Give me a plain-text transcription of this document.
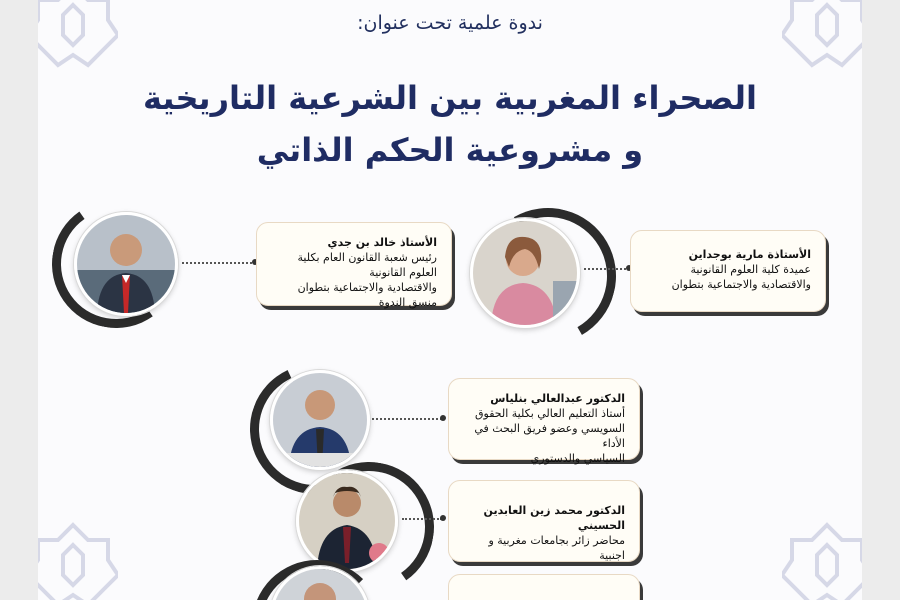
ندوة علمية تحت عنوان:
الصحراء المغربية بين الشرعية التاريخية
و مشروعية الحكم الذاتي
الأستاذ خالد بن جدي
رئيس شعبة القانون العام بكلية العلوم القانونية
والاقتصادية والاجتماعية بتطوان
منسق الندوة
الأستاذة مارية بوجداين
عميدة كلية العلوم القانونية
والاقتصادية والاجتماعية بتطوان
الدكتور عبدالعالي بنلياس
أستاذ التعليم العالي بكلية الحقوق
السويسي وعضو فريق البحث في الأداء
السياسي والدستوري
الدكتور محمد زين العابدين الحسيني
محاضر زائر بجامعات مغربية و اجنبية
